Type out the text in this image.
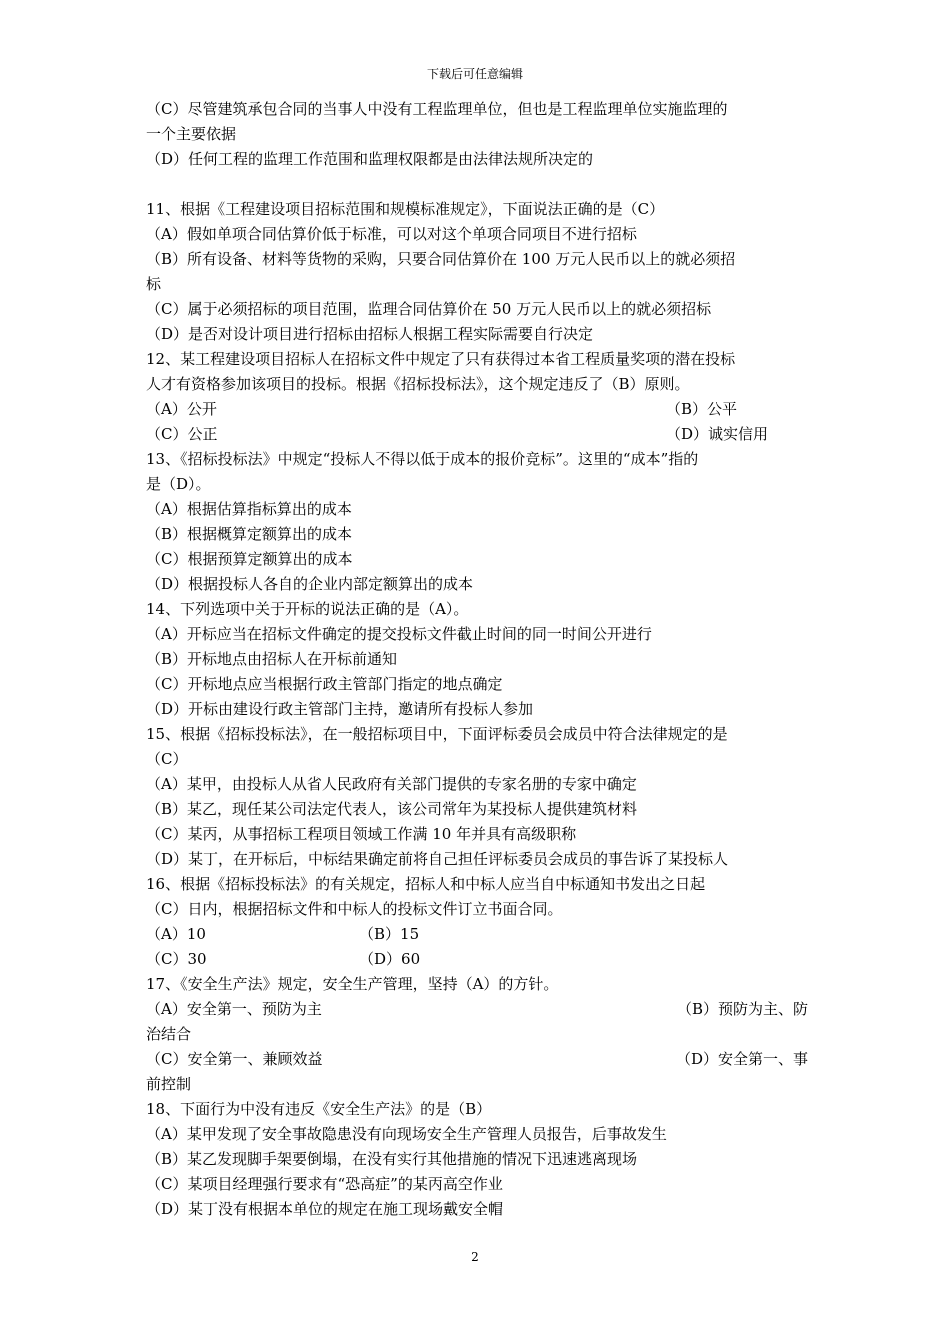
下载后可任意编辑
（C）尽管建筑承包合同的当事人中没有工程监理单位，但也是工程监理单位实施监理的
一个主要依据
（D）任何工程的监理工作范围和监理权限都是由法律法规所决定的
11、根据《工程建设项目招标范围和规模标准规定》，下面说法正确的是（C）
（A）假如单项合同估算价低于标准，可以对这个单项合同项目不进行招标
（B）所有设备、材料等货物的采购，只要合同估算价在 100 万元人民币以上的就必须招
标
（C）属于必须招标的项目范围，监理合同估算价在 50 万元人民币以上的就必须招标
（D）是否对设计项目进行招标由招标人根据工程实际需要自行决定
12、某工程建设项目招标人在招标文件中规定了只有获得过本省工程质量奖项的潜在投标
人才有资格参加该项目的投标。根据《招标投标法》，这个规定违反了（B）原则。
（A）公开	（B）公平
（C）公正	（D）诚实信用
13、《招标投标法》中规定“投标人不得以低于成本的报价竞标”。这里的“成本”指的
是（D）。
（A）根据估算指标算出的成本
（B）根据概算定额算出的成本
（C）根据预算定额算出的成本
（D）根据投标人各自的企业内部定额算出的成本
14、下列选项中关于开标的说法正确的是（A）。
（A）开标应当在招标文件确定的提交投标文件截止时间的同一时间公开进行
（B）开标地点由招标人在开标前通知
（C）开标地点应当根据行政主管部门指定的地点确定
（D）开标由建设行政主管部门主持，邀请所有投标人参加
15、根据《招标投标法》，在一般招标项目中，下面评标委员会成员中符合法律规定的是
（C）
（A）某甲，由投标人从省人民政府有关部门提供的专家名册的专家中确定
（B）某乙，现任某公司法定代表人，该公司常年为某投标人提供建筑材料
（C）某丙，从事招标工程项目领域工作满 10 年并具有高级职称
（D）某丁，在开标后，中标结果确定前将自己担任评标委员会成员的事告诉了某投标人
16、根据《招标投标法》的有关规定，招标人和中标人应当自中标通知书发出之日起
（C）日内，根据招标文件和中标人的投标文件订立书面合同。
（A）10	（B）15
（C）30	（D）60
17、《安全生产法》规定，安全生产管理，坚持（A）的方针。
（A）安全第一、预防为主	（B）预防为主、防
治结合
（C）安全第一、兼顾效益	（D）安全第一、事
前控制
18、下面行为中没有违反《安全生产法》的是（B）
（A）某甲发现了安全事故隐患没有向现场安全生产管理人员报告，后事故发生
（B）某乙发现脚手架要倒塌，在没有实行其他措施的情况下迅速逃离现场
（C）某项目经理强行要求有“恐高症”的某丙高空作业
（D）某丁没有根据本单位的规定在施工现场戴安全帽
2
